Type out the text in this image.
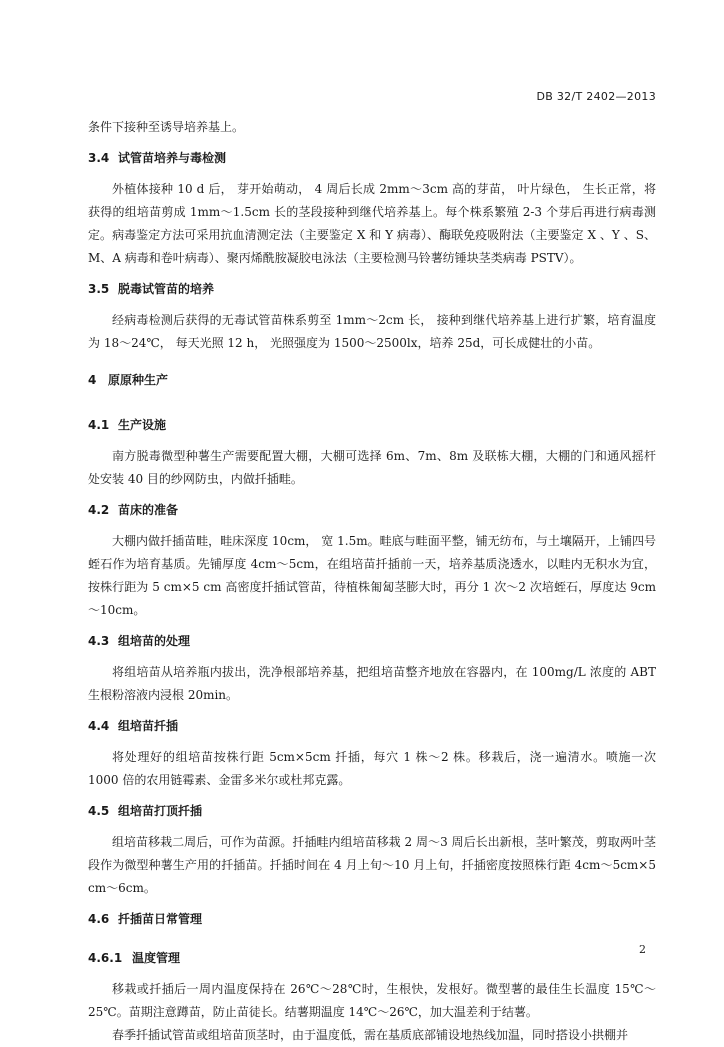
DB 32/T 2402—2013

条件下接种至诱导培养基上。

3.4 试管苗培养与毒检测

外植体接种 10 d 后， 芽开始萌动， 4 周后长成 2mm～3cm 高的芽苗， 叶片绿色， 生长正常，将获得的组培苗剪成 1mm～1.5cm 长的茎段接种到继代培养基上。每个株系繁殖 2-3 个芽后再进行病毒测定。病毒鉴定方法可采用抗血清测定法（主要鉴定 X 和 Y 病毒）、酶联免疫吸附法（主要鉴定 X 、Y 、S、M、A 病毒和卷叶病毒）、聚丙烯酰胺凝胶电泳法（主要检测马铃薯纺锤块茎类病毒 PSTV）。

3.5 脱毒试管苗的培养

经病毒检测后获得的无毒试管苗株系剪至 1mm～2cm 长， 接种到继代培养基上进行扩繁，培育温度为 18～24℃， 每天光照 12 h， 光照强度为 1500～2500lx，培养 25d，可长成健壮的小苗。

4 原原种生产
4.1 生产设施

南方脱毒微型种薯生产需要配置大棚，大棚可选择 6m、7m、8m 及联栋大棚，大棚的门和通风摇杆处安装 40 目的纱网防虫，内做扦插畦。

4.2 苗床的准备

大棚内做扦插苗畦，畦床深度 10cm， 宽 1.5m。畦底与畦面平整，铺无纺布，与土壤隔开，上铺四号蛭石作为培育基质。先铺厚度 4cm～5cm，在组培苗扦插前一天，培养基质浇透水，以畦内无积水为宜，按株行距为 5 cm×5 cm 高密度扦插试管苗，待植株匍匐茎膨大时，再分 1 次～2 次培蛭石，厚度达 9cm～10cm。

4.3 组培苗的处理

将组培苗从培养瓶内拔出，洗净根部培养基，把组培苗整齐地放在容器内，在 100mg/L 浓度的 ABT 生根粉溶液内浸根 20min。

4.4 组培苗扦插

将处理好的组培苗按株行距 5cm×5cm 扦插，每穴 1 株～2 株。移栽后，浇一遍清水。喷施一次 1000 倍的农用链霉素、金雷多米尔或杜邦克露。

4.5 组培苗打顶扦插

组培苗移栽二周后，可作为苗源。扦插畦内组培苗移栽 2 周～3 周后长出新根，茎叶繁茂，剪取两叶茎段作为微型种薯生产用的扦插苗。扦插时间在 4 月上旬～10 月上旬，扦插密度按照株行距 4cm～5cm×5 cm～6cm。

4.6 扦插苗日常管理
4.6.1 温度管理

移栽或扦插后一周内温度保持在 26℃～28℃时，生根快，发根好。微型薯的最佳生长温度 15℃～25℃。苗期注意蹲苗，防止苗徒长。结薯期温度 14℃～26℃，加大温差利于结薯。

春季扦插试管苗或组培苗顶茎时，由于温度低，需在基质底部铺设地热线加温，同时搭设小拱棚并

2
